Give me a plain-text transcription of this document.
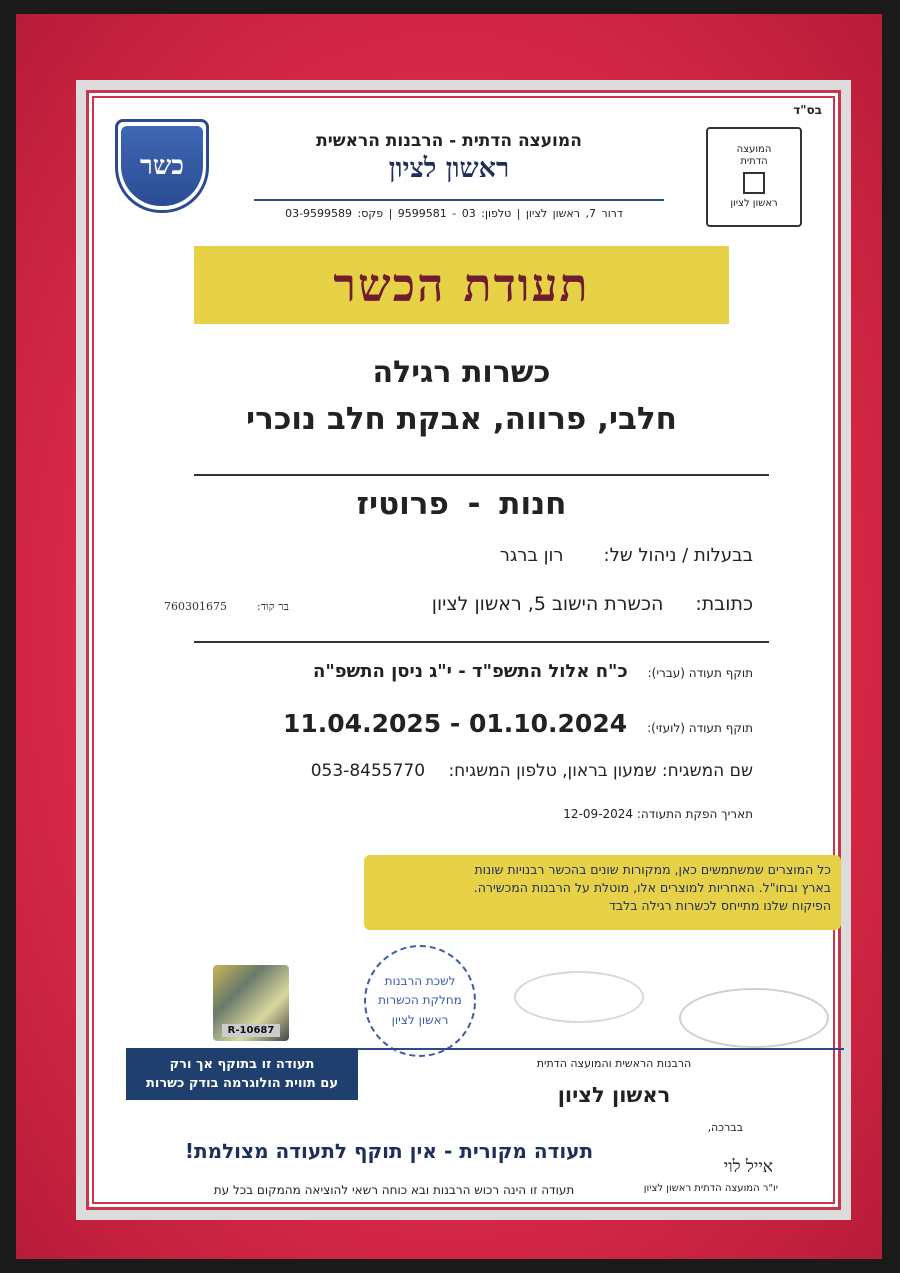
בס"ד
כשר
המועצה
הדתית
ראשון לציון
המועצה הדתית - הרבנות הראשית
ראשון לציון
דרור 7, ראשון לציון | טלפון: 03 - 9599581 | פקס: 03-9599589
תעודת הכשר
כשרות רגילה
חלבי, פרווה, אבקת חלב נוכרי
חנות - פרוטיז
בבעלות / ניהול של:רון ברגר
כתובת:הכשרת הישוב 5, ראשון לציון
בר קוד:760301675
תוקף תעודה (עברי):כ"ח אלול התשפ"ד - י"ג ניסן התשפ"ה
תוקף תעודה (לועזי):11.04.2025 - 01.10.2024
שם המשגיח: שמעון בראון, טלפון המשגיח: 053-8455770
תאריך הפקת התעודה: 12-09-2024
כל המוצרים שמשתמשים כאן, ממקורות שונים בהכשר רבנויות שונות
בארץ ובחו"ל. האחריות למוצרים אלו, מוטלת על הרבנות המכשירה.
הפיקוח שלנו מתייחס לכשרות רגילה בלבד
לשכת הרבנות
מחלקת הכשרות
ראשון לציון
הרבנות הראשית והמועצה הדתית
ראשון לציון
R-10687
תעודה זו בתוקף אך ורק
עם תווית הולוגרמה בודק כשרות
בברכה,
תעודה מקורית - אין תוקף לתעודה מצולמת!
אייל לוי
יו"ר המועצה הדתית ראשון לציון
תעודה זו הינה רכוש הרבנות ובא כוחה רשאי להוציאה מהמקום בכל עת
